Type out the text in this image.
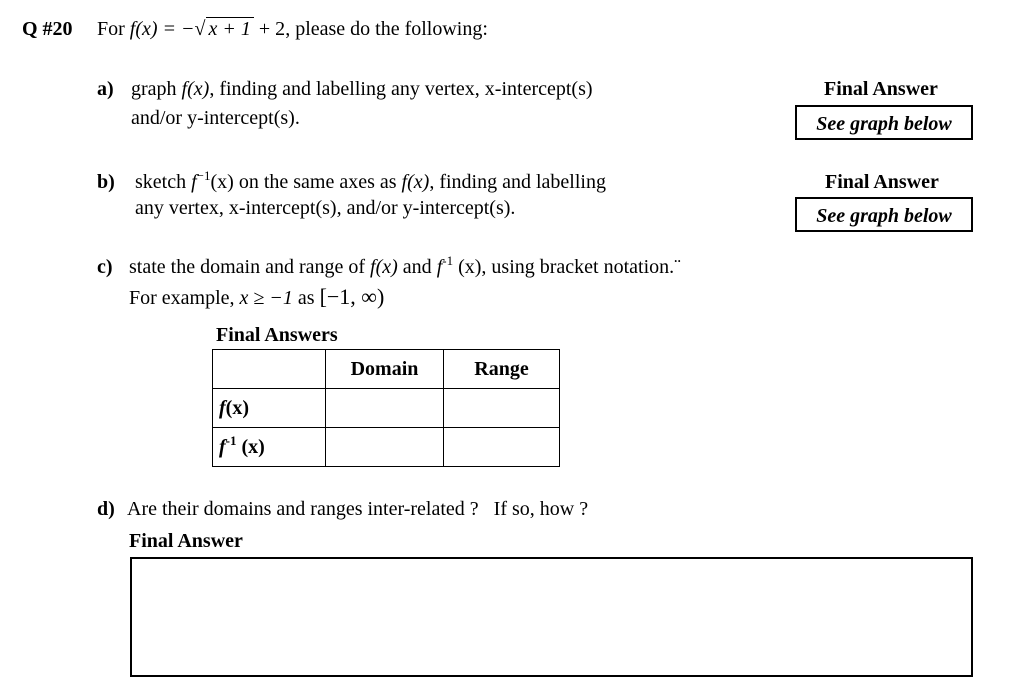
Q #20 For f(x) = −√ x + 1 + 2, please do the following:
a) graph f(x), finding and labelling any vertex, x-intercept(s)
and/or y-intercept(s).
Final Answer
See graph below
b) sketch $f^{-1}(x)$ on the same axes as f(x), finding and labelling
any vertex, x-intercept(s), and/or y-intercept(s).
Final Answer
See graph below
c) state the domain and range of f(x) and $f^{-1}$ (x), using bracket notation.¨
For example, x ≥ −1 as [−1, ∞)
Final Answers
	Domain	Range
f(x)		
$f^{-1}$ (x)		
d) Are their domains and ranges inter-related ?   If so, how ?
Final Answer
